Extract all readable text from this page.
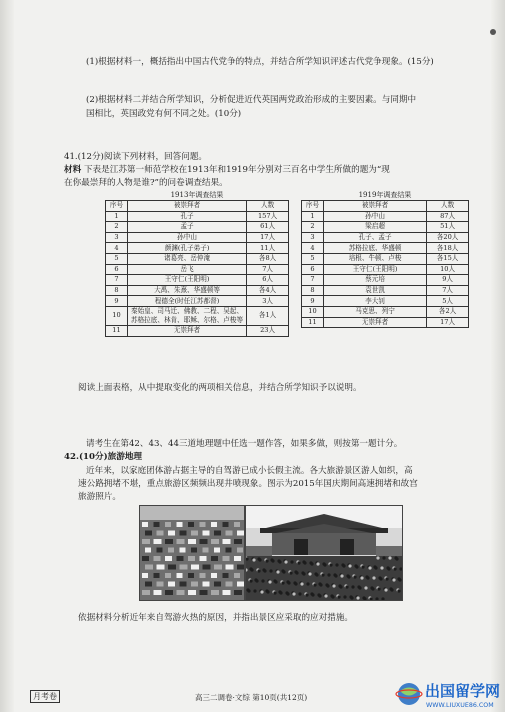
(1)根据材料一，概括指出中国古代党争的特点，并结合所学知识评述古代党争现象。(15分)
(2)根据材料二并结合所学知识，分析促进近代英国两党政治形成的主要因素。与同期中
国相比，英国政党有何不同之处。(10分)
41.(12分)阅读下列材料，回答问题。
材料 下表是江苏第一师范学校在1913年和1919年分别对三百名中学生所做的题为“现
在你最崇拜的人物是谁?”的问卷调查结果。
1913年调查结果
序号	被崇拜者	人数
1	孔子	157人
2	孟子	61人
3	孙中山	17人
4	颜渊(孔子弟子)	11人
5	诸葛亮、岳仲淹	各8人
6	岳飞	7人
7	王守仁(王阳明)	6人
8	大禹、朱熹、华盛顿等	各4人
9	程德全(时任江苏都督)	3人
10	秦始皇、司马迁、佛教、二程、吴起、苏格拉底、林肯、耶稣、尔格、卢梭等	各1人
11	无崇拜者	23人
1919年调查结果
序号	被崇拜者	人数
1	孙中山	87人
2	梁启超	51人
3	孔子、孟子	各20人
4	苏格拉底、华盛顿	各18人
5	培根、牛顿、卢梭	各15人
6	王守仁(王阳明)	10人
7	蔡元培	9人
8	袁世凯	7人
9	李大钊	5人
10	马克思、列宁	各2人
11	无崇拜者	17人
阅读上面表格，从中提取变化的两项相关信息，并结合所学知识予以说明。
请考生在第42、43、44三道地理题中任选一题作答，如果多做，则按第一题计分。
42.(10分)旅游地理
近年来，以家庭团体游占据主导的自驾游已成小长假主流。各大旅游景区游人如织，高
速公路拥堵不堪，重点旅游区频频出现井喷现象。图示为2015年国庆期间高速拥堵和故宫
旅游照片。
依据材料分析近年来自驾游火热的原因，并指出景区应采取的应对措施。
月考卷	高三二调卷·文综 第10页(共12页)	出国留学网
WWW.LIUXUE86.COM
